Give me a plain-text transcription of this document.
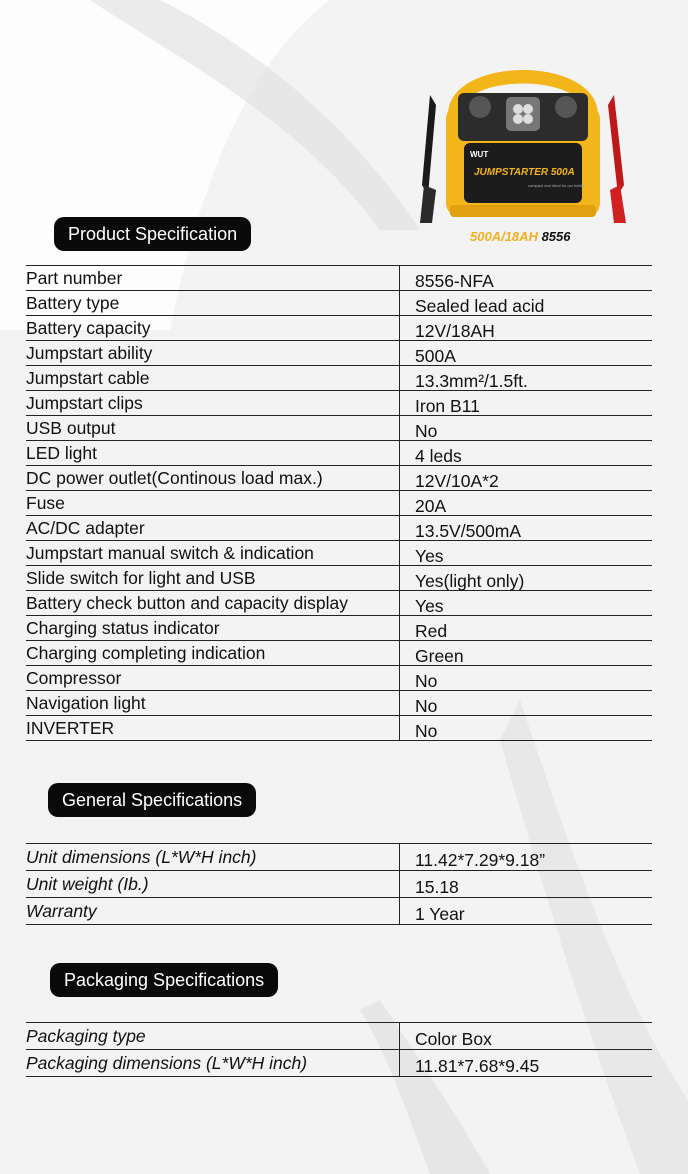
WUT
JUMPSTARTER 500A
compact and ideal for car battery
500A/18AH 8556
Product Specification
Part number	8556-NFA
Battery type	Sealed lead acid
Battery capacity	12V/18AH
Jumpstart ability	500A
Jumpstart cable	13.3mm²/1.5ft.
Jumpstart clips	Iron B11
USB output	No
LED light	4 leds
DC power outlet(Continous load max.)	12V/10A*2
Fuse	20A
AC/DC adapter	13.5V/500mA
Jumpstart manual switch & indication	Yes
Slide switch for light and USB	Yes(light only)
Battery check button and capacity display	Yes
Charging status indicator	Red
Charging completing indication	Green
Compressor	No
Navigation light	No
INVERTER	No
General Specifications
Unit dimensions (L*W*H inch)	11.42*7.29*9.18”
Unit weight (Ib.)	15.18
Warranty	1 Year
Packaging Specifications
Packaging type	Color Box
Packaging dimensions (L*W*H inch)	11.81*7.68*9.45
